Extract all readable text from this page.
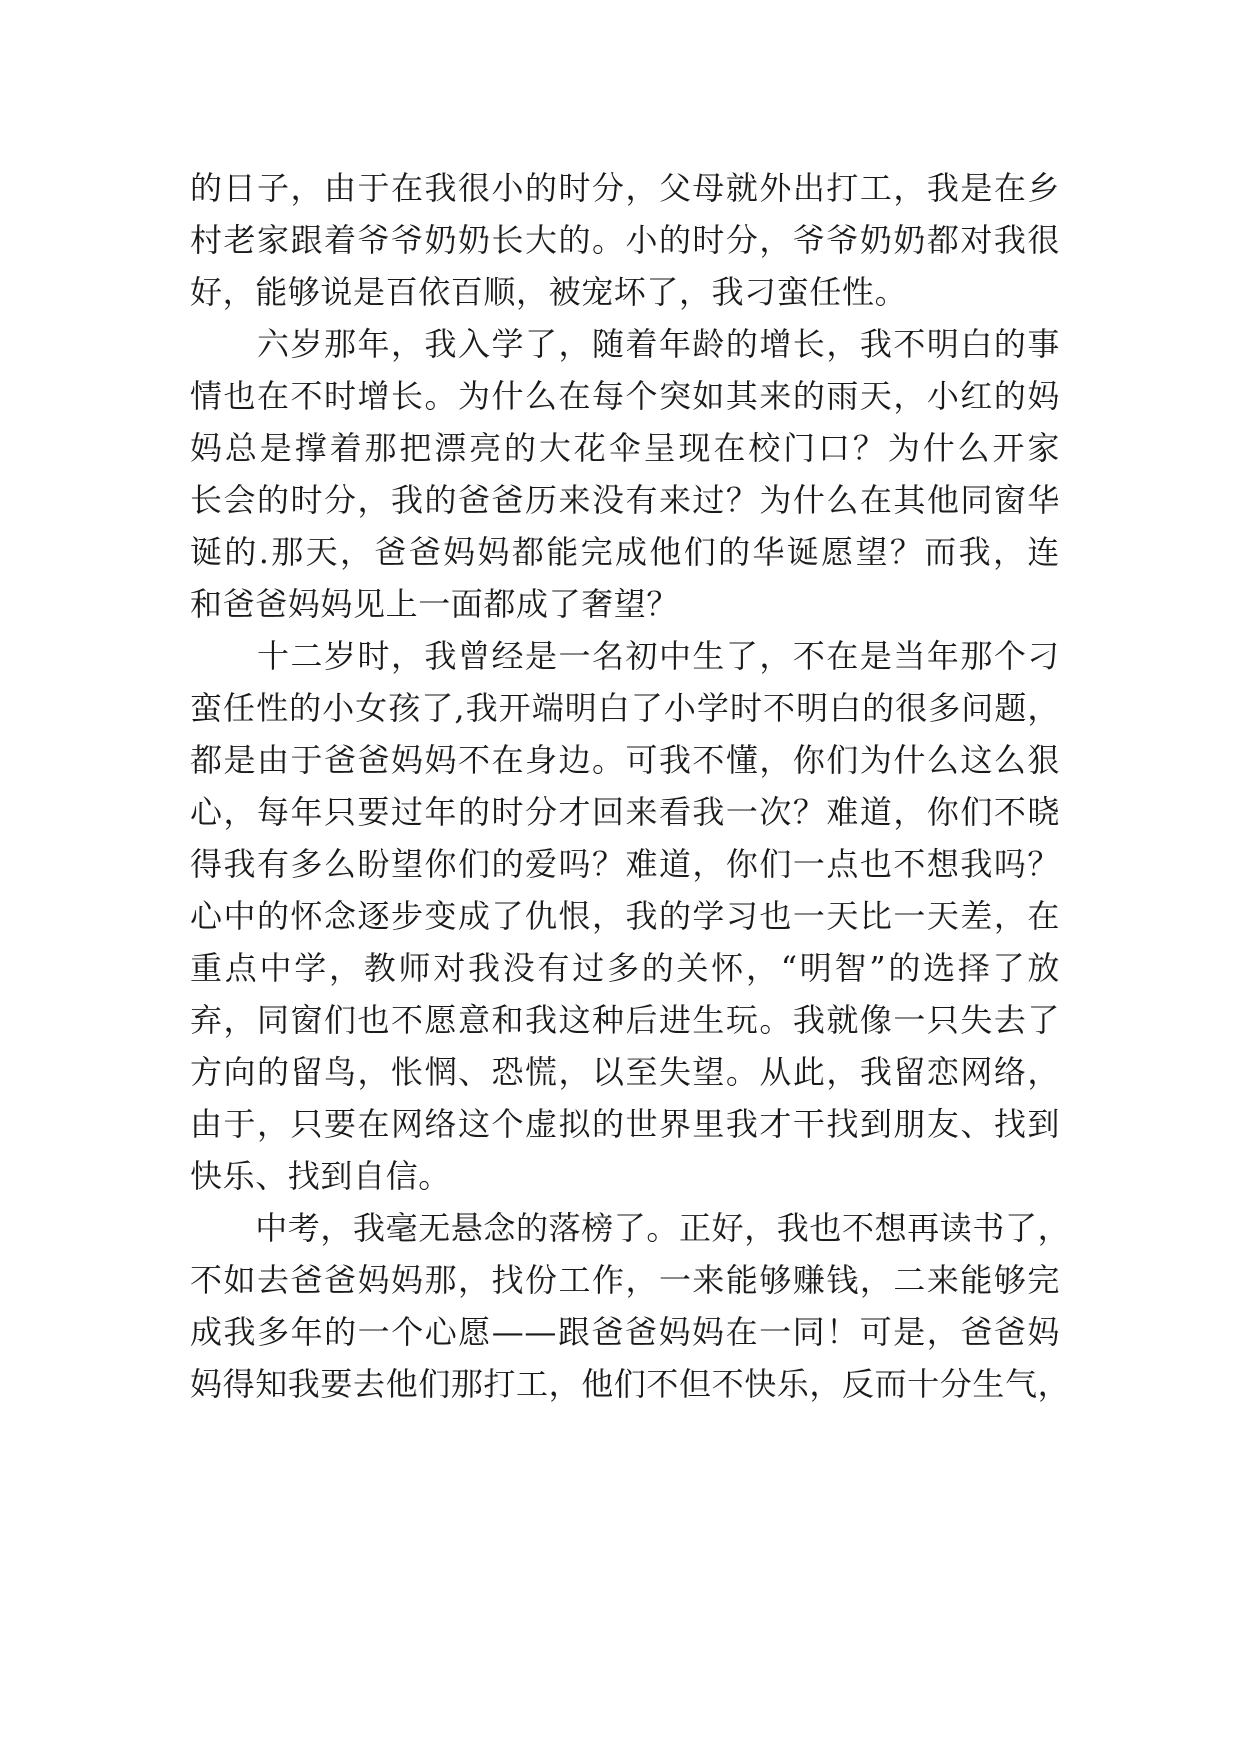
的日子，由于在我很小的时分，父母就外出打工，我是在乡
村老家跟着爷爷奶奶长大的。小的时分，爷爷奶奶都对我很
好，能够说是百依百顺，被宠坏了，我刁蛮任性。
　　六岁那年，我入学了，随着年龄的增长，我不明白的事
情也在不时增长。为什么在每个突如其来的雨天，小红的妈
妈总是撑着那把漂亮的大花伞呈现在校门口？为什么开家
长会的时分，我的爸爸历来没有来过？为什么在其他同窗华
诞的.那天，爸爸妈妈都能完成他们的华诞愿望？而我，连
和爸爸妈妈见上一面都成了奢望？
　　十二岁时，我曾经是一名初中生了，不在是当年那个刁
蛮任性的小女孩了,我开端明白了小学时不明白的很多问题，
都是由于爸爸妈妈不在身边。可我不懂，你们为什么这么狠
心，每年只要过年的时分才回来看我一次？难道，你们不晓
得我有多么盼望你们的爱吗？难道，你们一点也不想我吗？
心中的怀念逐步变成了仇恨，我的学习也一天比一天差，在
重点中学，教师对我没有过多的关怀，“明智”的选择了放
弃，同窗们也不愿意和我这种后进生玩。我就像一只失去了
方向的留鸟，怅惘、恐慌，以至失望。从此，我留恋网络，
由于，只要在网络这个虚拟的世界里我才干找到朋友、找到
快乐、找到自信。
　　中考，我毫无悬念的落榜了。正好，我也不想再读书了，
不如去爸爸妈妈那，找份工作，一来能够赚钱，二来能够完
成我多年的一个心愿——跟爸爸妈妈在一同！可是，爸爸妈
妈得知我要去他们那打工，他们不但不快乐，反而十分生气，
